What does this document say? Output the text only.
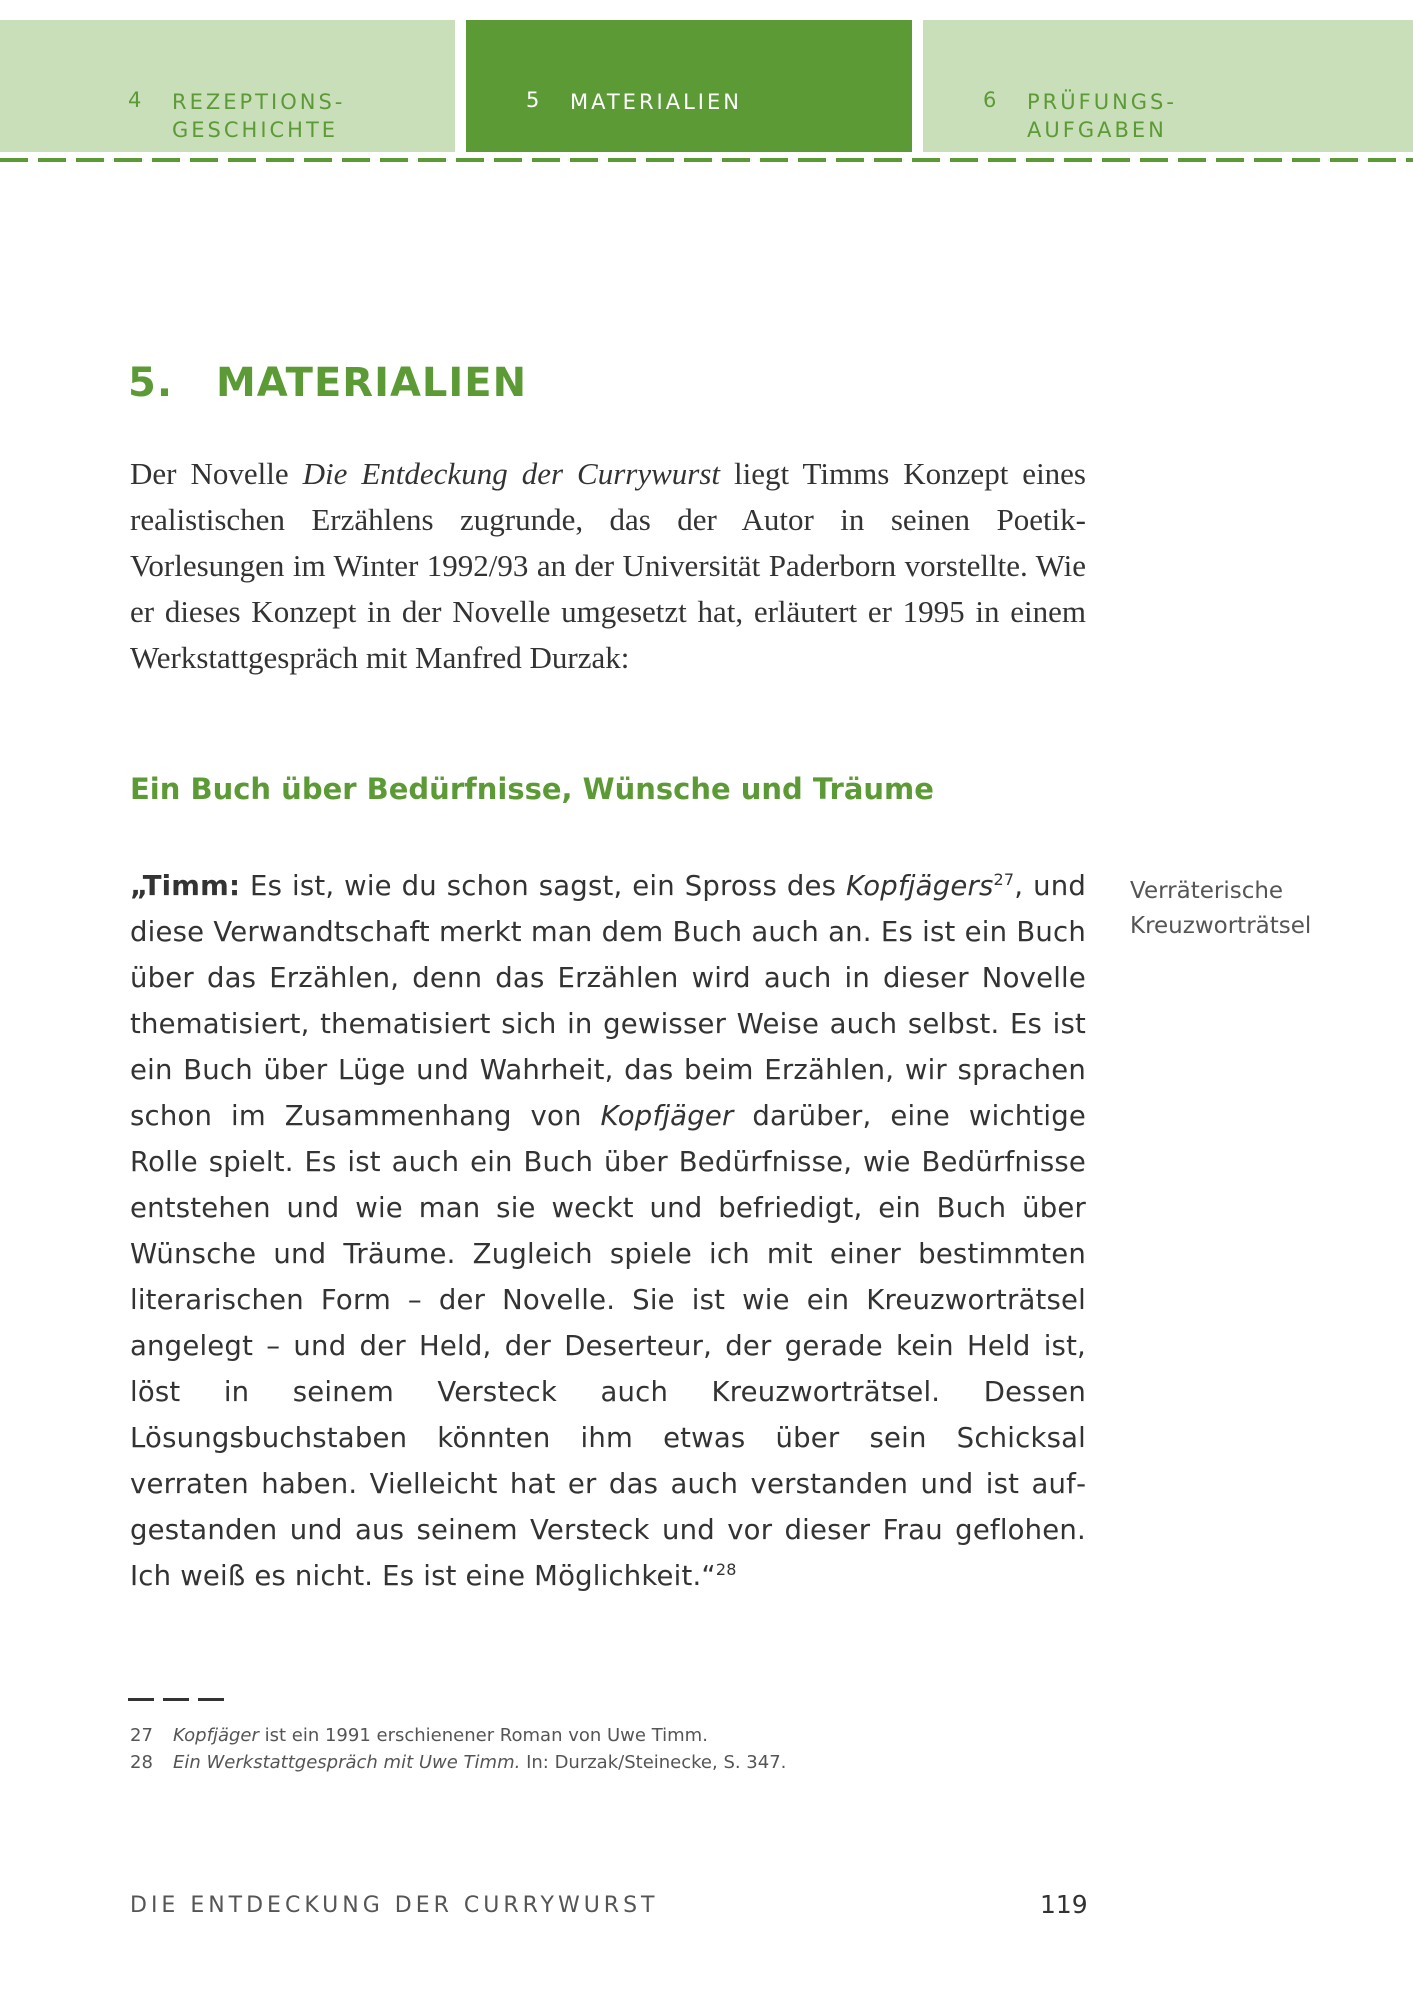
4 REZEPTIONS-
GESCHICHTE
5 MATERIALIEN	6 PRÜFUNGS-
AUFGABEN
5. MATERIALIEN

Der Novelle Die Entdeckung der Currywurst liegt Timms Konzept eines realistischen Erzählens zugrunde, das der Autor in seinen Poetik-Vorlesungen im Winter 1992/93 an der Universität Paderborn vorstellte. Wie er dieses Konzept in der Novelle umgesetzt hat, erläutert er 1995 in einem Werkstattgespräch mit Manfred Durzak:

Ein Buch über Bedürfnisse, Wünsche und Träume

„Timm: Es ist, wie du schon sagst, ein Spross des Kopfjägers$^{27}$, und diese Verwandtschaft merkt man dem Buch auch an. Es ist ein Buch über das Erzählen, denn das Erzählen wird auch in dieser Novelle thematisiert, thematisiert sich in gewisser Weise auch selbst. Es ist ein Buch über Lüge und Wahrheit, das beim Erzählen, wir sprachen schon im Zusammenhang von Kopfjäger darüber, eine wichtige Rolle spielt. Es ist auch ein Buch über Bedürfnisse, wie Bedürfnisse entstehen und wie man sie weckt und befriedigt, ein Buch über Wünsche und Träume. Zugleich spiele ich mit einer bestimmten literarischen Form – der Novelle. Sie ist wie ein Kreuzworträtsel angelegt – und der Held, der Deserteur, der gerade kein Held ist, löst in seinem Versteck auch Kreuzworträtsel. Dessen Lösungsbuchstaben könnten ihm etwas über sein Schicksal verraten haben. Vielleicht hat er das auch verstanden und ist aufgestanden und aus seinem Versteck und vor dieser Frau geflohen. Ich weiß es nicht. Es ist eine Möglichkeit.“$^{28}$

Verräterische
Kreuzworträtsel
27	Kopfjäger ist ein 1991 erschienener Roman von Uwe Timm.
28	Ein Werkstattgespräch mit Uwe Timm. In: Durzak/Steinecke, S. 347.
DIE ENTDECKUNG DER CURRYWURST	119
